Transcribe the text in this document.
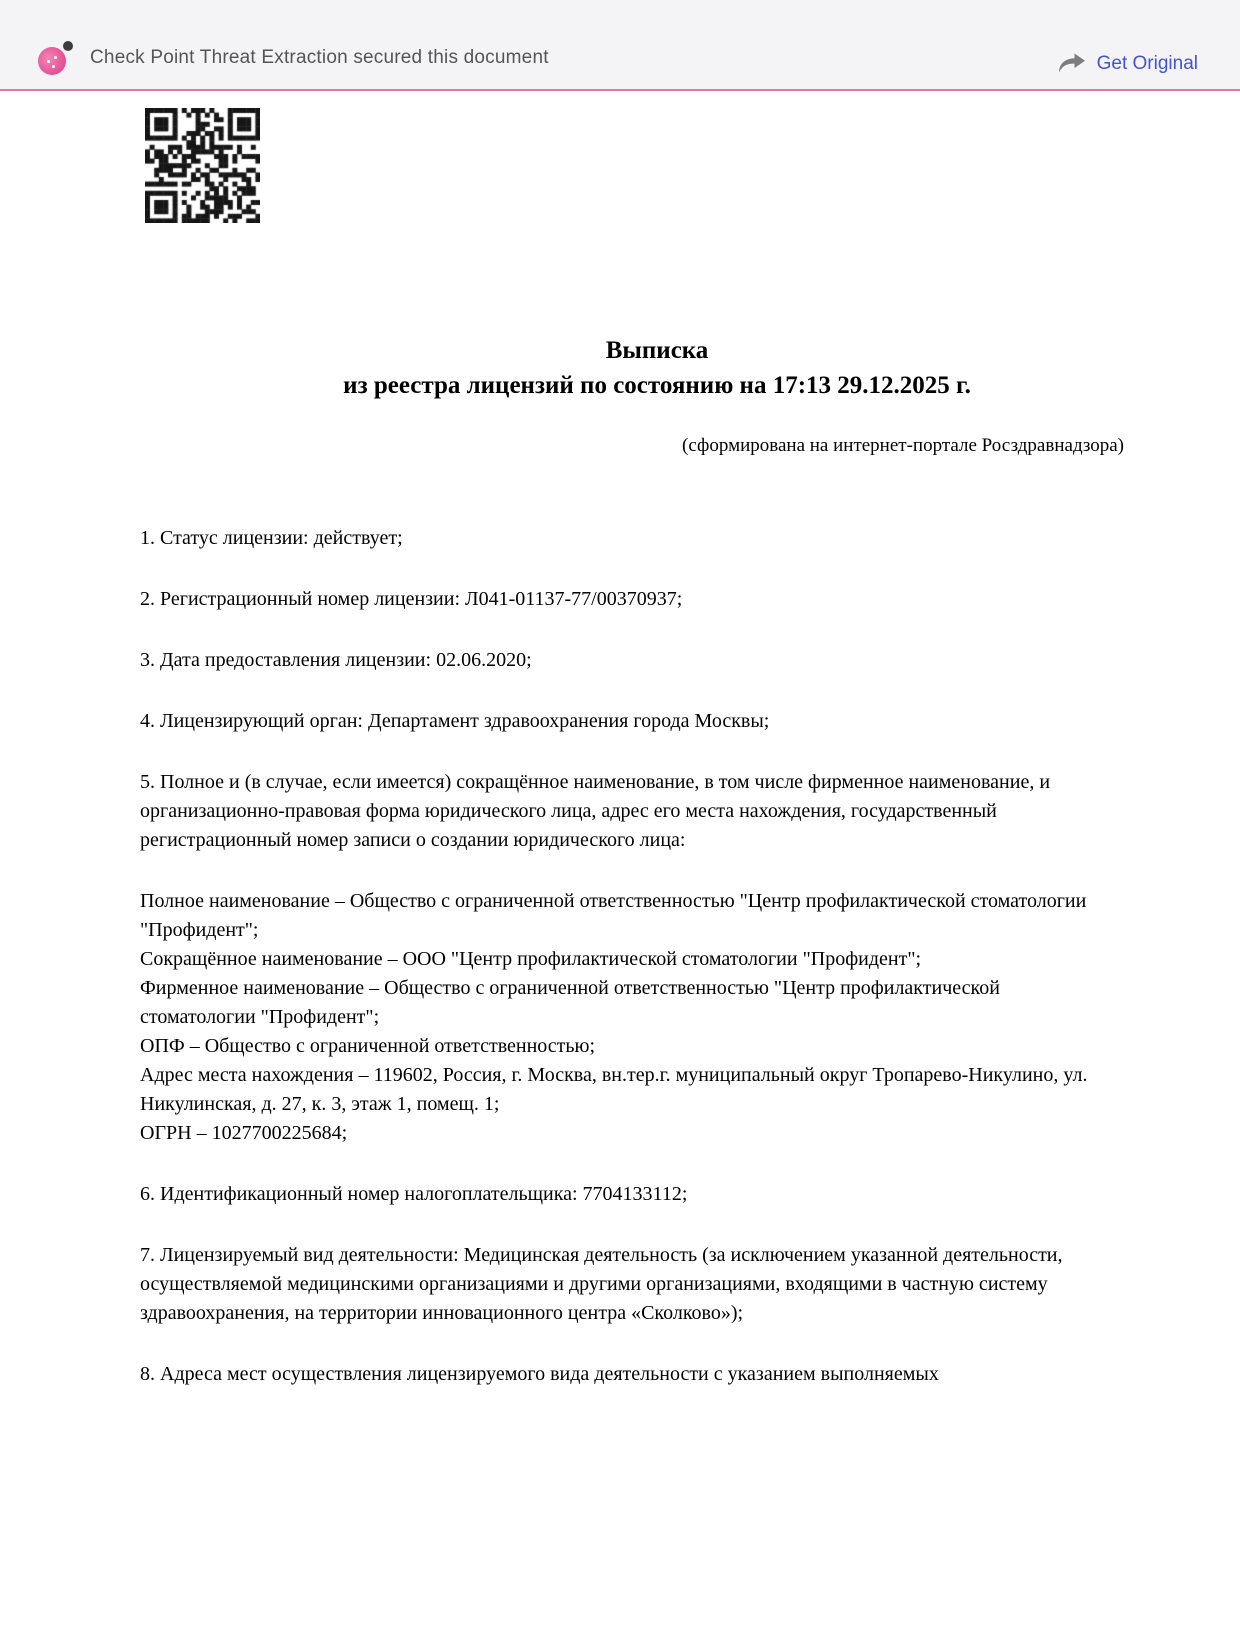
Check Point Threat Extraction secured this document	Get Original
Выписка
из реестра лицензий по состоянию на 17:13 29.12.2025 г.
(сформирована на интернет-портале Росздравнадзора)
1. Статус лицензии: действует;
2. Регистрационный номер лицензии: Л041-01137-77/00370937;
3. Дата предоставления лицензии: 02.06.2020;
4. Лицензирующий орган: Департамент здравоохранения города Москвы;
5. Полное и (в случае, если имеется) сокращённое наименование, в том числе фирменное наименование, и организационно-правовая форма юридического лица, адрес его места нахождения, государственный регистрационный номер записи о создании юридического лица:
Полное наименование – Общество с ограниченной ответственностью "Центр профилактической стоматологии "Профидент";
Сокращённое наименование – ООО "Центр профилактической стоматологии "Профидент";
Фирменное наименование – Общество с ограниченной ответственностью "Центр профилактической стоматологии "Профидент";
ОПФ – Общество с ограниченной ответственностью;
Адрес места нахождения – 119602, Россия, г. Москва, вн.тер.г. муниципальный округ Тропарево-Никулино, ул. Никулинская, д. 27, к. 3, этаж 1, помещ. 1;
ОГРН – 1027700225684;
6. Идентификационный номер налогоплательщика: 7704133112;
7. Лицензируемый вид деятельности: Медицинская деятельность (за исключением указанной деятельности, осуществляемой медицинскими организациями и другими организациями, входящими в частную систему здравоохранения, на территории инновационного центра «Сколково»);
8. Адреса мест осуществления лицензируемого вида деятельности с указанием выполняемых
